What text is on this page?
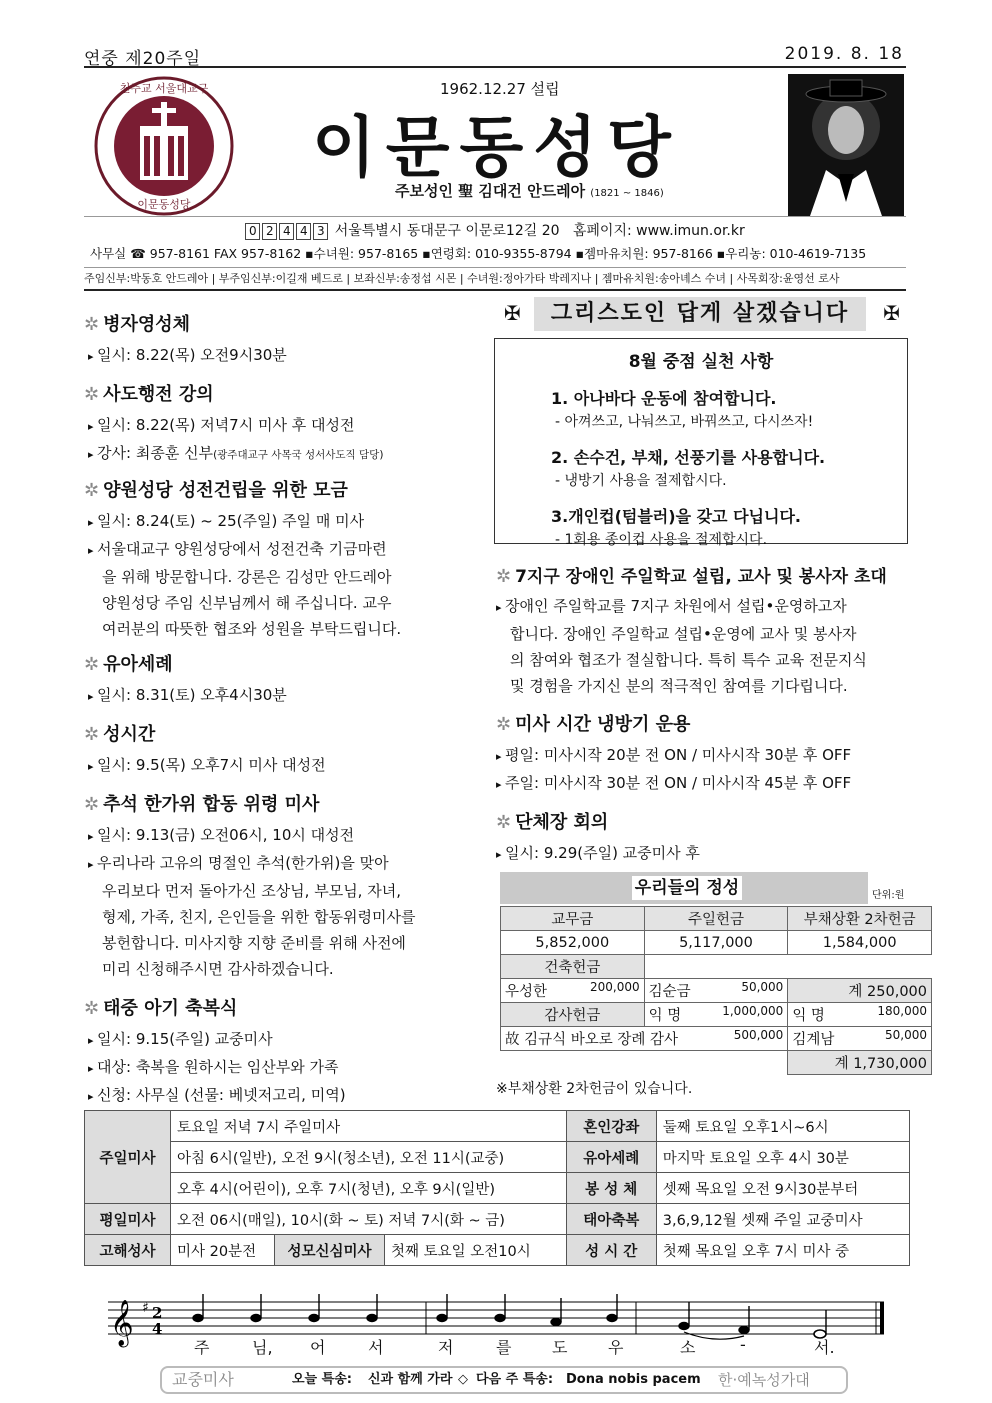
연중 제20주일	2019. 8. 18
천주교 서울대교구
이문동성당
1962.12.27 설립
이문동성당
주보성인 聖 김대건 안드레아 (1821 ~ 1846)
0 2 4 4 3 서울특별시 동대문구 이문로12길 20 홈페이지: www.imun.or.kr
사무실 ☎ 957-8161 FAX 957-8162 ▪수녀원: 957-8165 ▪연령회: 010-9355-8794 ▪젬마유치원: 957-8166 ▪우리농: 010-4619-7135
주임신부:박동호 안드레아 | 부주임신부:이길재 베드로 | 보좌신부:송정섭 시몬 | 수녀원:정아가타 박레지나 | 젬마유치원:송아녜스 수녀 | 사목회장:윤영선 로사
✲ 병자영성체

▸ 일시: 8.22(목) 오전9시30분

✲ 사도행전 강의

▸ 일시: 8.22(목) 저녁7시 미사 후 대성전

▸ 강사: 최종훈 신부(광주대교구 사목국 성서사도직 담당)

✲ 양원성당 성전건립을 위한 모금

▸ 일시: 8.24(토) ~ 25(주일) 주일 매 미사

▸ 서울대교구 양원성당에서 성전건축 기금마련

을 위해 방문합니다. 강론은 김성만 안드레아

양원성당 주임 신부님께서 해 주십니다. 교우

여러분의 따뜻한 협조와 성원을 부탁드립니다.

✲ 유아세례

▸ 일시: 8.31(토) 오후4시30분

✲ 성시간

▸ 일시: 9.5(목) 오후7시 미사 대성전

✲ 추석 한가위 합동 위령 미사

▸ 일시: 9.13(금) 오전06시, 10시 대성전

▸ 우리나라 고유의 명절인 추석(한가위)을 맞아

우리보다 먼저 돌아가신 조상님, 부모님, 자녀,

형제, 가족, 친지, 은인들을 위한 합동위령미사를

봉헌합니다. 미사지향 지향 준비를 위해 사전에

미리 신청해주시면 감사하겠습니다.

✲ 태중 아기 축복식

▸ 일시: 9.15(주일) 교중미사

▸ 대상: 축복을 원하시는 임산부와 가족

▸ 신청: 사무실 (선물: 베넷저고리, 미역)

✠	그리스도인 답게 살겠습니다	✠
8월 중점 실천 사항
1. 아나바다 운동에 참여합니다.
- 아껴쓰고, 나눠쓰고, 바꿔쓰고, 다시쓰자!
2. 손수건, 부채, 선풍기를 사용합니다.
- 냉방기 사용을 절제합시다.
3.개인컵(텀블러)을 갖고 다닙니다.
- 1회용 종이컵 사용을 절제합시다.
✲ 7지구 장애인 주일학교 설립, 교사 및 봉사자 초대

▸ 장애인 주일학교를 7지구 차원에서 설립•운영하고자

합니다. 장애인 주일학교 설립•운영에 교사 및 봉사자

의 참여와 협조가 절실합니다. 특히 특수 교육 전문지식

및 경험을 가지신 분의 적극적인 참여를 기다립니다.

✲ 미사 시간 냉방기 운용

▸ 평일: 미사시작 20분 전 ON / 미사시작 30분 후 OFF

▸ 주일: 미사시작 30분 전 ON / 미사시작 45분 후 OFF

✲ 단체장 회의

▸ 일시: 9.29(주일) 교중미사 후

우리들의 정성	단위:원
교무금	주일헌금	부채상환 2차헌금
5,852,000	5,117,000	1,584,000
건축헌금		
우성한 200,000	김순금 50,000	계 250,000
감사헌금	익 명 1,000,000	익 명 180,000

故 김규식 바오로 장례 감사 500,000		김계남 50,000

		계 1,730,000
※부채상환 2차헌금이 있습니다.
주일미사	토요일 저녁 7시 주일미사			혼인강좌	둘째 토요일 오후1시~6시
	아침 6시(일반), 오전 9시(청소년), 오전 11시(교중)			유아세례	마지막 토요일 오후 4시 30분
	오후 4시(어린이), 오후 7시(청년), 오후 9시(일반)			봉 성 체	셋째 목요일 오전 9시30분부터
평일미사	오전 06시(매일), 10시(화 ~ 토) 저녁 7시(화 ~ 금)			태아축복	3,6,9,12월 셋째 주일 교중미사
고해성사	미사 20분전	성모신심미사	첫째 토요일 오전10시	성 시 간	첫째 목요일 오후 7시 미사 중
𝄞 ♯ 2
4
주	님, 어	서	저	를	도	우	소	-	서.
교중미사	오늘 특송: 신과 함께 가라 ◇ 다음 주 특송: Dona nobis pacem 한·예녹성가대
